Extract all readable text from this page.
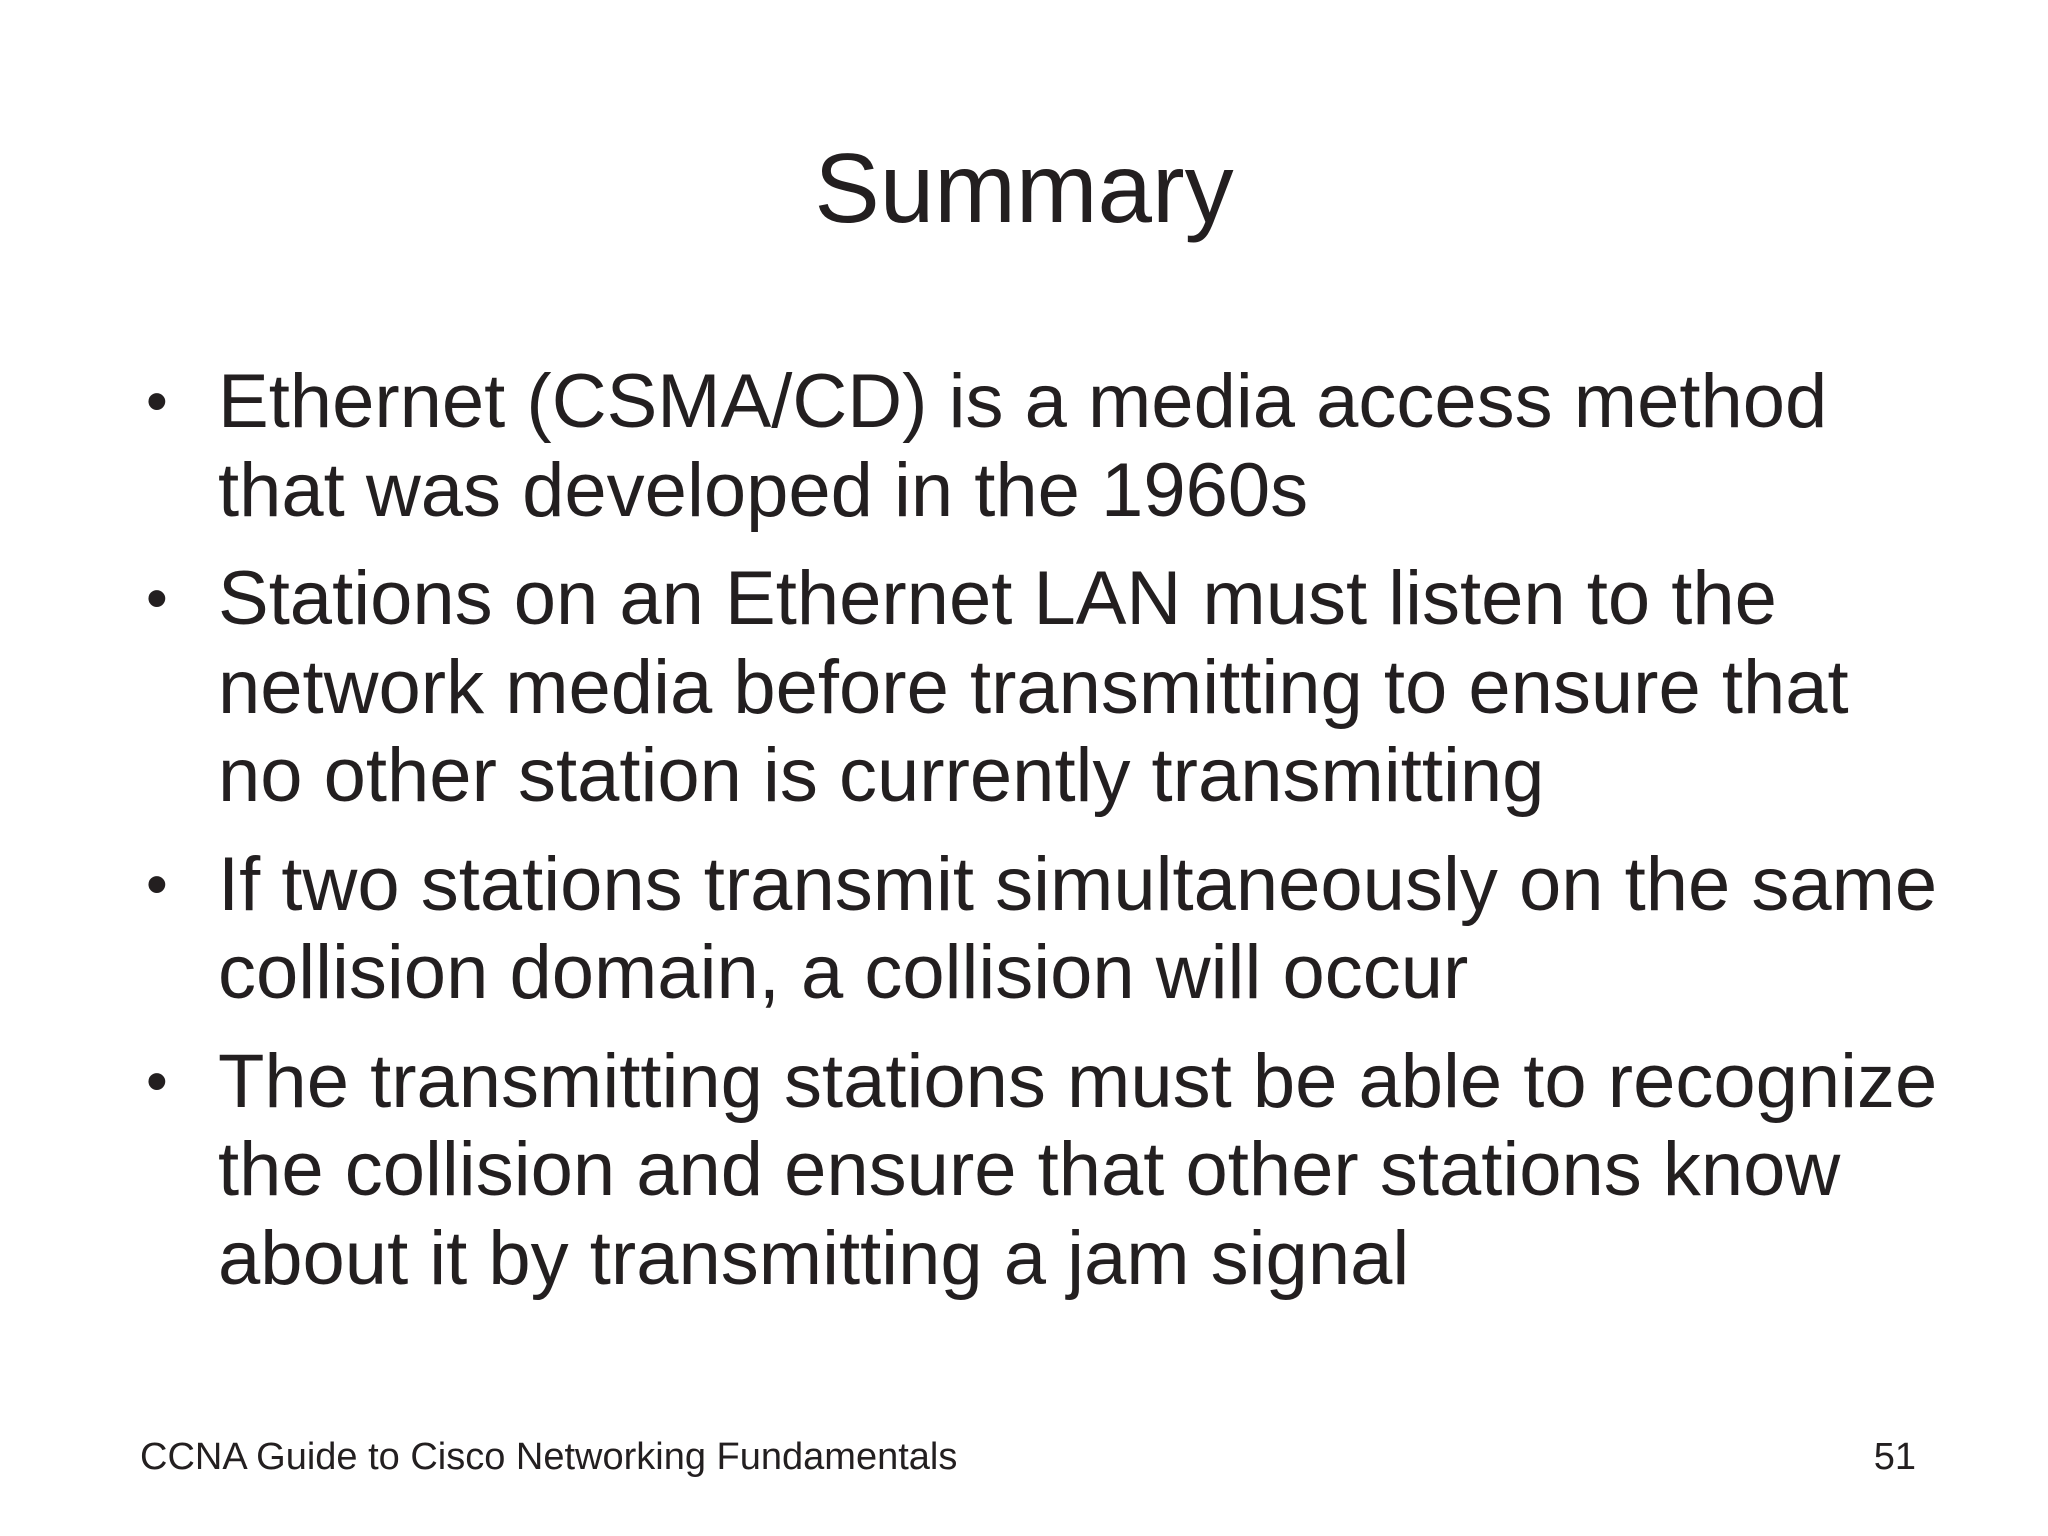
Summary
• Ethernet (CSMA/CD) is a media access method
that was developed in the 1960s
• Stations on an Ethernet LAN must listen to the
network media before transmitting to ensure that
no other station is currently transmitting
• If two stations transmit simultaneously on the same
collision domain, a collision will occur
• The transmitting stations must be able to recognize
the collision and ensure that other stations know
about it by transmitting a jam signal
CCNA Guide to Cisco Networking Fundamentals	51
